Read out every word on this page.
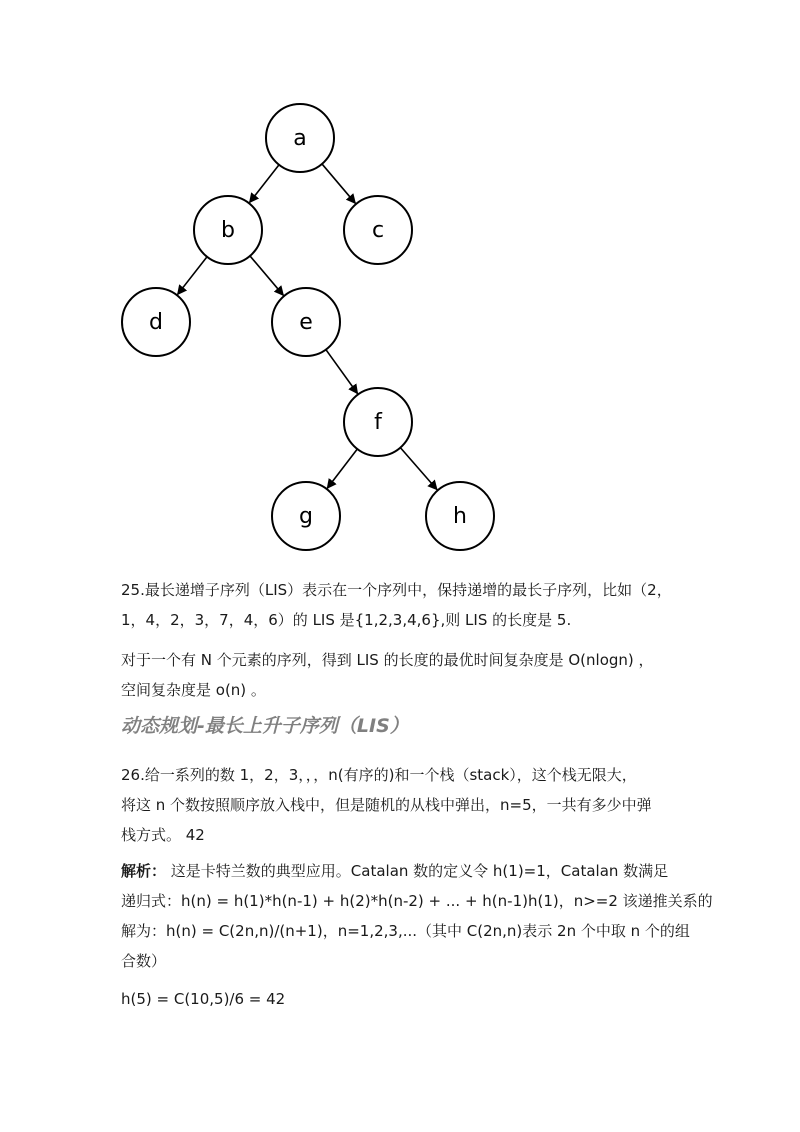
a
b	c
d	e
f
g	h

25.最长递增子序列（LIS）表示在一个序列中，保持递增的最长子序列，比如（2，
1，4，2，3，7，4，6）的 LIS 是{1,2,3,4,6},则 LIS 的长度是 5.

对于一个有 N 个元素的序列，得到 LIS 的长度的最优时间复杂度是 O(nlogn) ，
空间复杂度是 o(n) 。

动态规划-最长上升子序列（LIS）

26.给一系列的数 1，2，3，，，n(有序的)和一个栈（stack），这个栈无限大，
将这 n 个数按照顺序放入栈中，但是随机的从栈中弹出，n=5，一共有多少中弹
栈方式。 42

解析： 这是卡特兰数的典型应用。Catalan 数的定义令 h(1)=1，Catalan 数满足
递归式：h(n) = h(1)*h(n-1) + h(2)*h(n-2) + ... + h(n-1)h(1)，n>=2 该递推关系的
解为：h(n) = C(2n,n)/(n+1)，n=1,2,3,...（其中 C(2n,n)表示 2n 个中取 n 个的组
合数）

h(5) = C(10,5)/6 = 42
